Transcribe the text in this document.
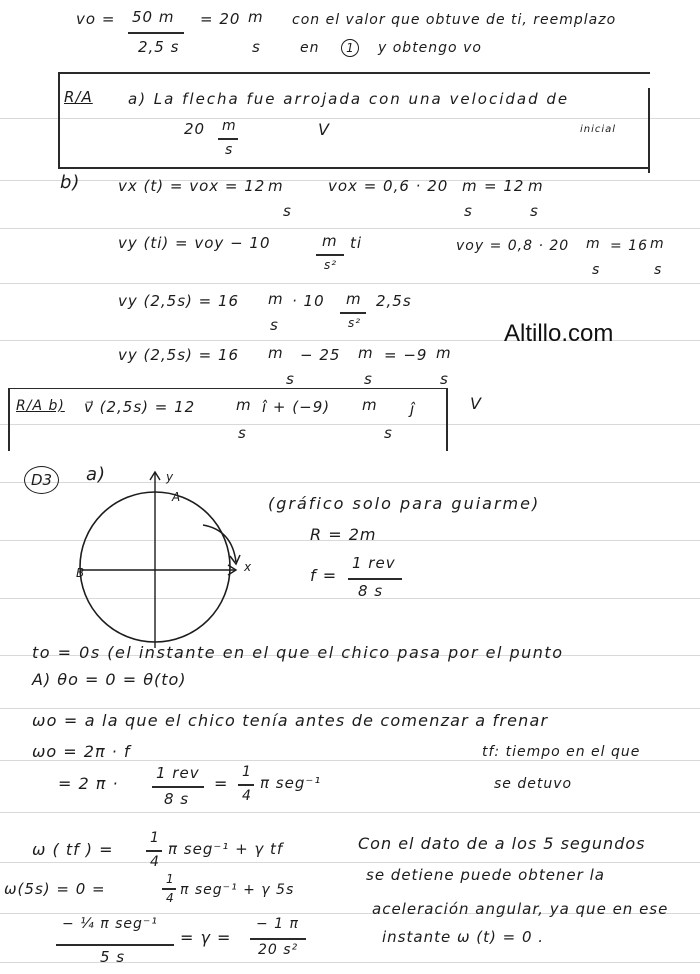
vo = 50 m
2,5 s
= 20 m
s
con el valor que obtuve de ti, reemplazo
en	1	y obtengo vo
R/A a) La flecha fue arrojada con una velocidad de
inicial
20 m
s
V
b)	vx (t) = vox = 12 m
s
vox = 0,6 · 20 m
s
= 12 m
s
vy (ti) = voy − 10	m
s²
ti	voy = 0,8 · 20 m
s
= 16 m
s
vy (2,5s) = 16 m
s
· 10 m
s²
2,5s
Altillo.com
vy (2,5s) = 16 m
s
− 25 m
s
= −9 m
s
R/A b) v⃗ (2,5s) = 12	m
s
î + (−9) m
s
ĵ	V
D3	a)	y
x
A
B
(gráfico solo para guiarme)
R = 2m
f =
1 rev
8 s
to = 0s (el instante en el que el chico pasa por el punto
A) θo = 0 = θ(to)
ωo = a la que el chico tenía antes de comenzar a frenar
ωo = 2π · f	tf: tiempo en el que
= 2 π ·
1 rev
8 s
=
1
4
π seg⁻¹	se detuvo
ω ( tf ) =
1
4
π seg⁻¹ + γ tf	Con el dato de a los 5 segundos
ω(5s) = 0 =
1
4 π seg⁻¹ + γ 5s
se detiene puede obtener la
− ¼ π seg⁻¹
5 s
= γ =
− 1 π
20 s²
aceleración angular, ya que en ese
instante ω (t) = 0 .
